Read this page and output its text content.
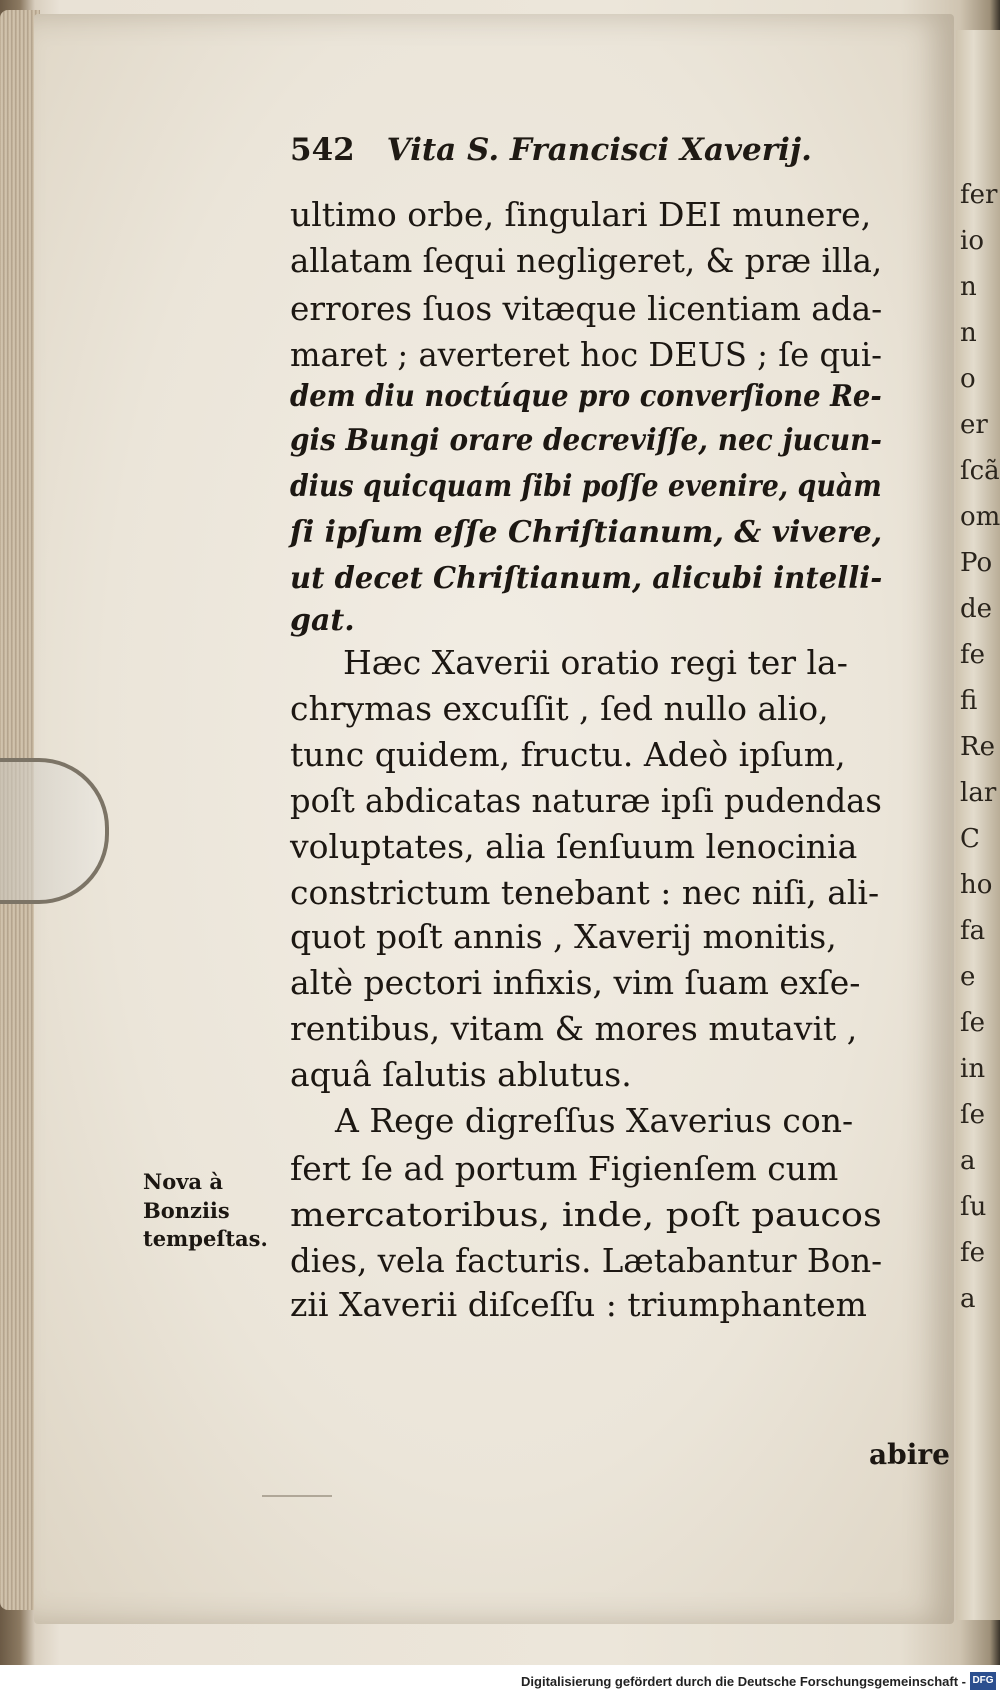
fer
io
n
n
o
er
ſcã
om
Po
de
fe
fi
Re
lar
C
ho
fa
e
ſe
in
ſe
a
ſu
fe
a
542 Vita S. Francisci Xaverij.
ultimo orbe, ſingulari DEI munere,
allatam ſequi negligeret, & præ illa,
errores ſuos vitæque licentiam ada-
maret ; averteret hoc DEUS ; ſe qui-
dem diu noctúque pro converſione Re-
gis Bungi orare decreviſſe, nec jucun-
dius quicquam ſibi poſſe evenire, quàm
ſi ipſum eſſe Chriſtianum, & vivere,
ut decet Chriſtianum, alicubi intelli-
gat.
Hæc Xaverii oratio regi ter la-
chrymas excuſſit , ſed nullo alio,
tunc quidem, fructu. Adeò ipſum,
poſt abdicatas naturæ ipſi pudendas
voluptates, alia ſenſuum lenocinia
constrictum tenebant : nec niſi, ali-
quot poſt annis , Xaverij monitis,
altè pectori infixis, vim ſuam exſe-
rentibus, vitam & mores mutavit ,
aquâ ſalutis ablutus.
A Rege digreſſus Xaverius con-
fert ſe ad portum Figienſem cum
mercatoribus, inde, poſt paucos
dies, vela facturis. Lætabantur Bon-
zii Xaverii diſceſſu : triumphantem
Nova à
Bonziis
tempeſtas.
abire
Digitalisierung gefördert durch die Deutsche Forschungsgemeinschaft - DFG
